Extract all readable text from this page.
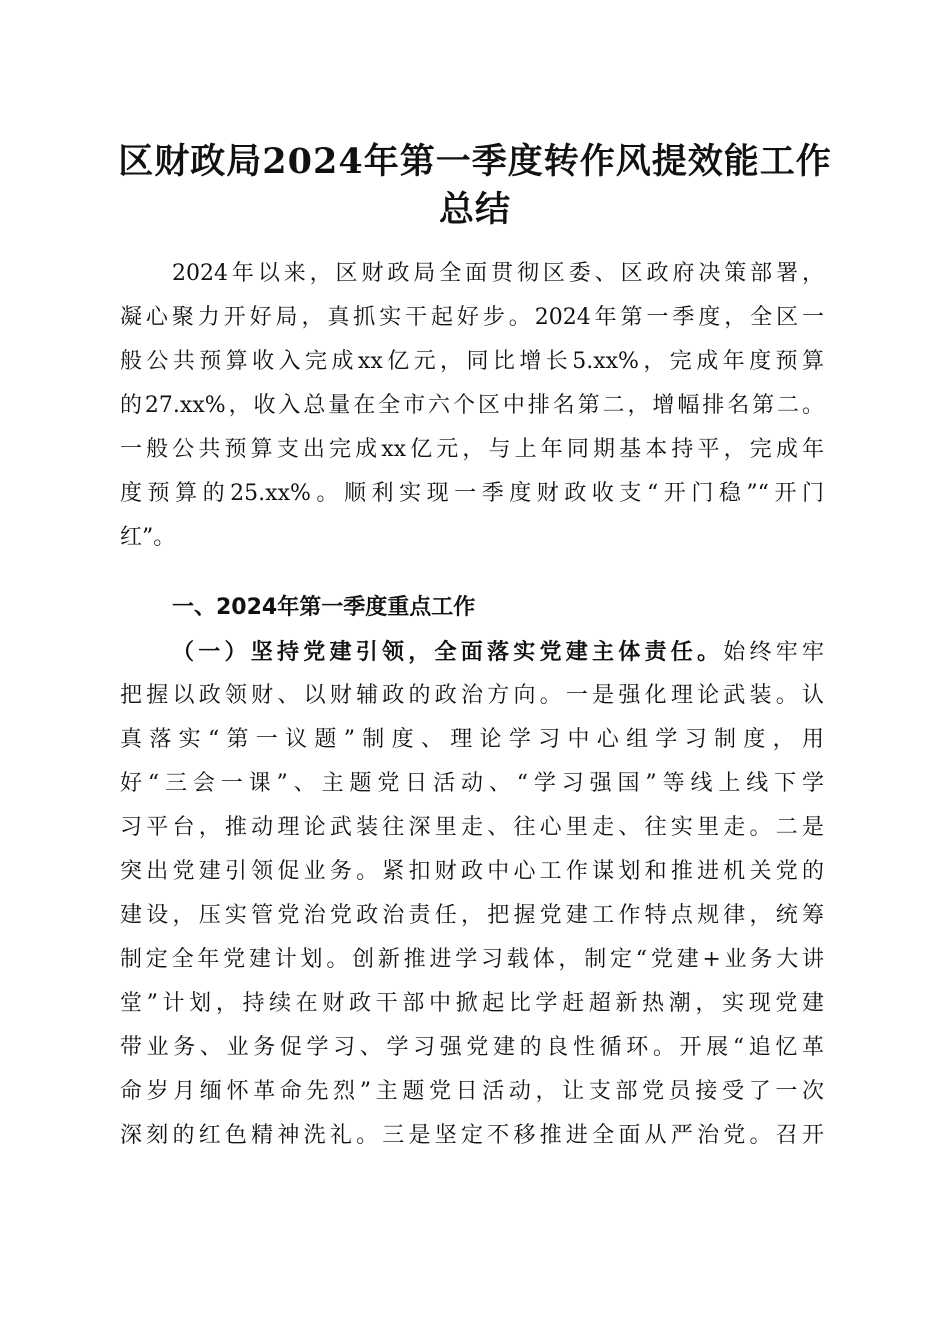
区财政局2024年第一季度转作风提效能工作
总结

2024年以来，区财政局全面贯彻区委、区政府决策部署，

凝心聚力开好局，真抓实干起好步。2024年第一季度，全区一

般公共预算收入完成xx亿元，同比增长5.xx%，完成年度预算

的27.xx%，收入总量在全市六个区中排名第二，增幅排名第二。

一般公共预算支出完成xx亿元，与上年同期基本持平，完成年

度预算的25.xx%。顺利实现一季度财政收支“开门稳”“开门

红”。

一、2024年第一季度重点工作

（一）坚持党建引领，全面落实党建主体责任。始终牢牢

把握以政领财、以财辅政的政治方向。一是强化理论武装。认

真落实“第一议题”制度、理论学习中心组学习制度，用

好“三会一课”、主题党日活动、“学习强国”等线上线下学

习平台，推动理论武装往深里走、往心里走、往实里走。二是

突出党建引领促业务。紧扣财政中心工作谋划和推进机关党的

建设，压实管党治党政治责任，把握党建工作特点规律，统筹

制定全年党建计划。创新推进学习载体，制定“党建+业务大讲

堂”计划，持续在财政干部中掀起比学赶超新热潮，实现党建

带业务、业务促学习、学习强党建的良性循环。开展“追忆革

命岁月缅怀革命先烈”主题党日活动，让支部党员接受了一次

深刻的红色精神洗礼。三是坚定不移推进全面从严治党。召开
